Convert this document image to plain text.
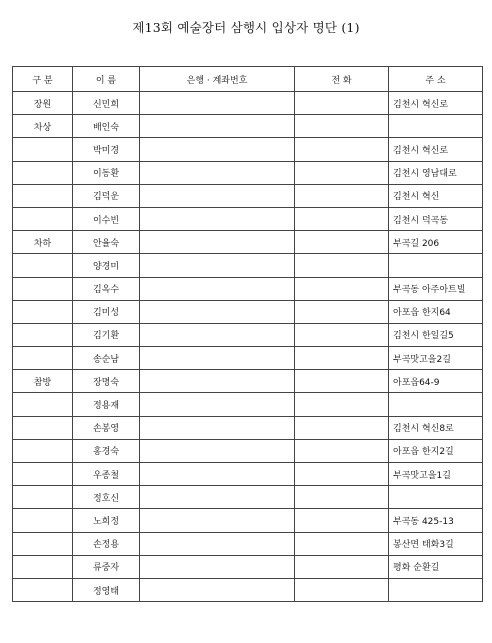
제13회 예술장터 삼행시 입상자 명단 (1)
구 분	이 름	은행 · 계좌번호	전 화	주 소
장원	신민희			김천시 혁신로
차상	배인숙			
	박미경			김천시 혁신로
	이동환			김천시 영남대로
	김덕운			김천시 혁신
	이수빈			김천시 덕곡동
차하	안율숙			부곡길 206
	양경미			
	김옥수			부곡동 아주아트빌
	김미성			아포읍 한지64
	김기환			김천시 한일길5
	송순남			부곡맛고을2길
참방	장명숙			아포읍64-9
	정용재			
	손봉영			김천시 혁신8로
	홍경숙			아포읍 한지2길
	우종철			부곡맛고을1길
	정호신			
	노희정			부곡동 425-13
	손정용			봉산면 태화3길
	류중자			평화 순환길
	정영태			
